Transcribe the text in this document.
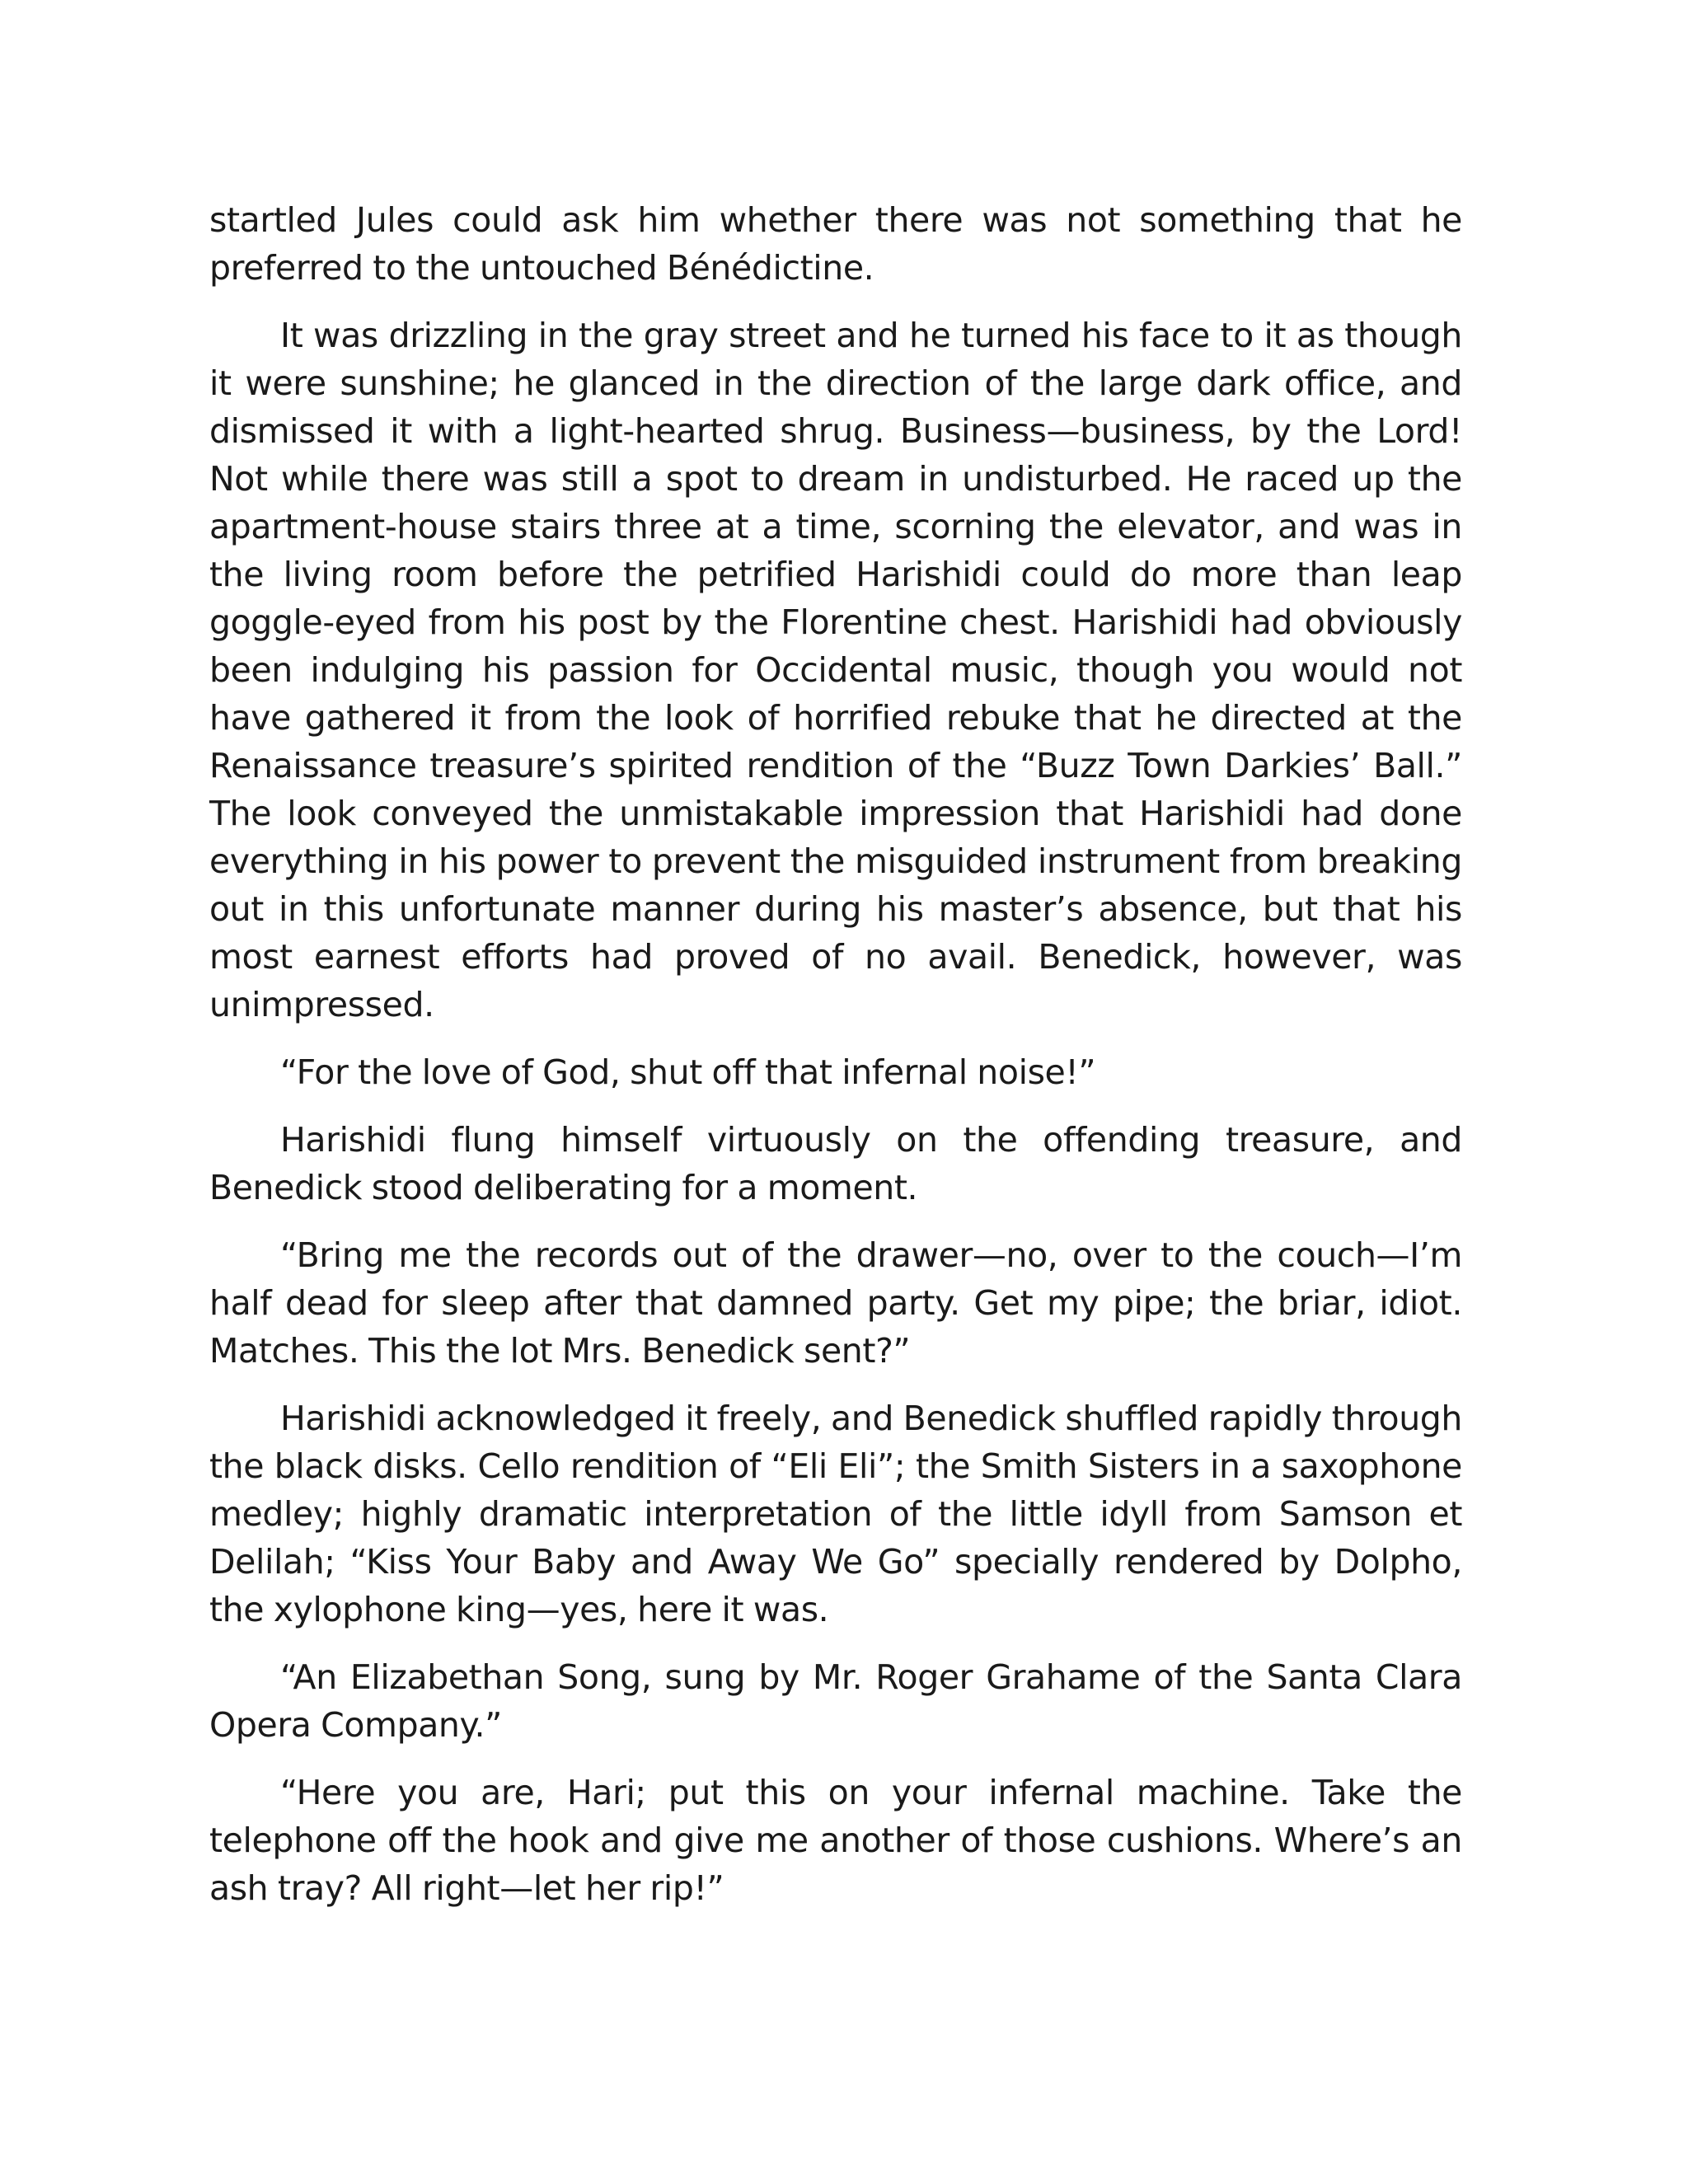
startled Jules could ask him whether there was not something that he preferred to the untouched Bénédictine.

It was drizzling in the gray street and he turned his face to it as though it were sunshine; he glanced in the direction of the large dark office, and dismissed it with a light-hearted shrug. Business—business, by the Lord! Not while there was still a spot to dream in undisturbed. He raced up the apartment-house stairs three at a time, scorning the elevator, and was in the living room before the petrified Harishidi could do more than leap goggle-eyed from his post by the Florentine chest. Harishidi had obviously been indulging his passion for Occidental music, though you would not have gathered it from the look of horrified rebuke that he directed at the Renaissance treasure’s spirited rendition of the “Buzz Town Darkies’ Ball.” The look conveyed the unmistakable impression that Harishidi had done everything in his power to prevent the misguided instrument from breaking out in this unfortunate manner during his master’s absence, but that his most earnest efforts had proved of no avail. Benedick, however, was unimpressed.

“For the love of God, shut off that infernal noise!”

Harishidi flung himself virtuously on the offending treasure, and Benedick stood deliberating for a moment.

“Bring me the records out of the drawer—no, over to the couch—I’m half dead for sleep after that damned party. Get my pipe; the briar, idiot. Matches. This the lot Mrs. Benedick sent?”

Harishidi acknowledged it freely, and Benedick shuffled rapidly through the black disks. Cello rendition of “Eli Eli”; the Smith Sisters in a saxophone medley; highly dramatic interpretation of the little idyll from Samson et Delilah; “Kiss Your Baby and Away We Go” specially rendered by Dolpho, the xylophone king—yes, here it was.

“An Elizabethan Song, sung by Mr. Roger Grahame of the Santa Clara Opera Company.”

“Here you are, Hari; put this on your infernal machine. Take the telephone off the hook and give me another of those cushions. Where’s an ash tray? All right—let her rip!”
